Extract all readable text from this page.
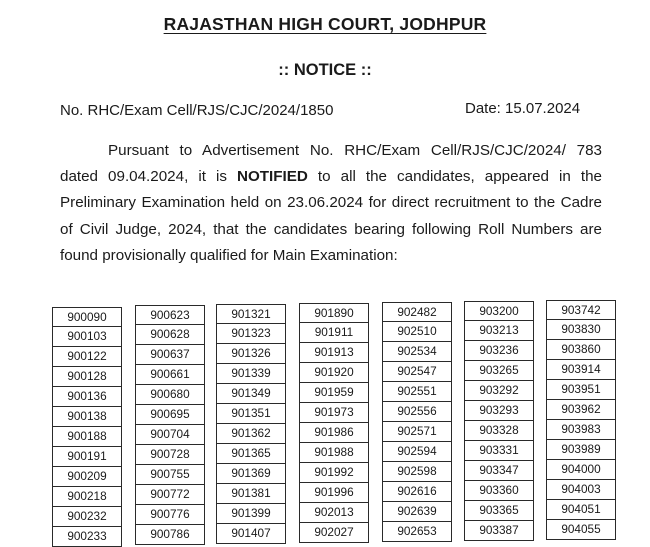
RAJASTHAN HIGH COURT, JODHPUR
:: NOTICE ::
No. RHC/Exam Cell/RJS/CJC/2024/1850	Date: 15.07.2024
Pursuant to Advertisement No. RHC/Exam Cell/RJS/CJC/2024/ 783 dated 09.04.2024, it is NOTIFIED to all the candidates, appeared in the Preliminary Examination held on 23.06.2024 for direct recruitment to the Cadre of Civil Judge, 2024, that the candidates bearing following Roll Numbers are found provisionally qualified for Main Examination:
900090
900103
900122
900128
900136
900138
900188
900191
900209
900218
900232
900233
900623
900628
900637
900661
900680
900695
900704
900728
900755
900772
900776
900786
901321
901323
901326
901339
901349
901351
901362
901365
901369
901381
901399
901407
901890
901911
901913
901920
901959
901973
901986
901988
901992
901996
902013
902027
902482
902510
902534
902547
902551
902556
902571
902594
902598
902616
902639
902653
903200
903213
903236
903265
903292
903293
903328
903331
903347
903360
903365
903387
903742
903830
903860
903914
903951
903962
903983
903989
904000
904003
904051
904055
